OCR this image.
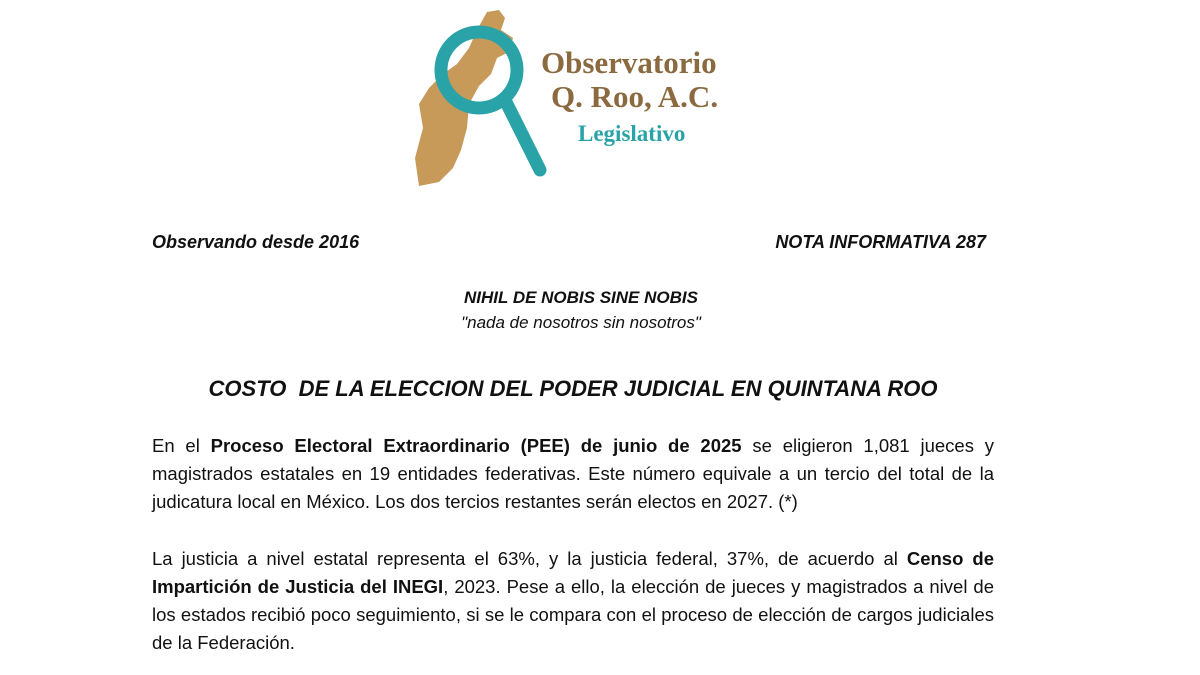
Observatorio
Q. Roo, A.C.
Legislativo
Observando desde 2016	NOTA INFORMATIVA 287
NIHIL DE NOBIS SINE NOBIS
"nada de nosotros sin nosotros"
COSTO  DE LA ELECCION DEL PODER JUDICIAL EN QUINTANA ROO

En el Proceso Electoral Extraordinario (PEE) de junio de 2025 se eligieron 1,081 jueces y magistrados estatales en 19 entidades federativas. Este número equivale a un tercio del total de la judicatura local en México. Los dos tercios restantes serán electos en 2027. (*)

La justicia a nivel estatal representa el 63%, y la justicia federal, 37%, de acuerdo al Censo de Impartición de Justicia del INEGI, 2023. Pese a ello, la elección de jueces y magistrados a nivel de los estados recibió poco seguimiento, si se le compara con el proceso de elección de cargos judiciales de la Federación.
